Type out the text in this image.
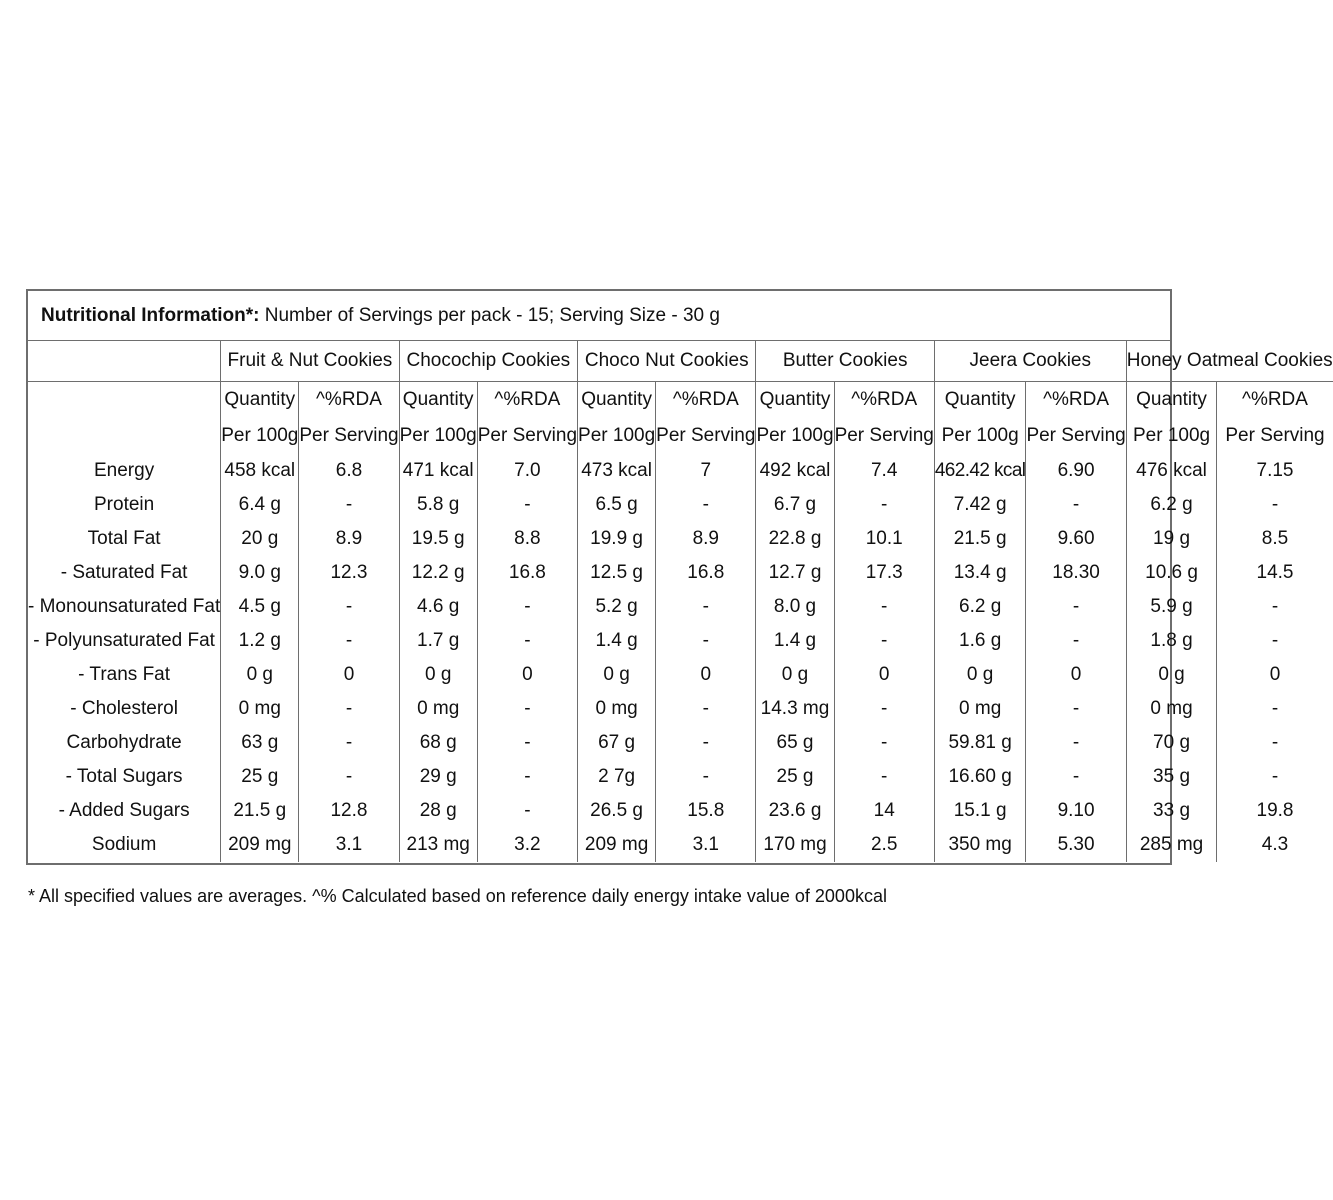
Nutritional Information*: Number of Servings per pack - 15; Serving Size - 30 g
	Fruit & Nut Cookies		Chocochip Cookies		Choco Nut Cookies		Butter Cookies		Jeera Cookies		Honey Oatmeal Cookies	
	Quantity	^%RDA	Quantity	^%RDA	Quantity	^%RDA	Quantity	^%RDA	Quantity	^%RDA	Quantity	^%RDA
	Per 100g	Per Serving	Per 100g	Per Serving	Per 100g	Per Serving	Per 100g	Per Serving	Per 100g	Per Serving	Per 100g	Per Serving
Energy	458 kcal	6.8	471 kcal	7.0	473 kcal	7	492 kcal	7.4	462.42 kcal	6.90	476 kcal	7.15
Protein	6.4 g	-	5.8 g	-	6.5 g	-	6.7 g	-	7.42 g	-	6.2 g	-
Total Fat	20 g	8.9	19.5 g	8.8	19.9 g	8.9	22.8 g	10.1	21.5 g	9.60	19 g	8.5
- Saturated Fat	9.0 g	12.3	12.2 g	16.8	12.5 g	16.8	12.7 g	17.3	13.4 g	18.30	10.6 g	14.5
- Monounsaturated Fat	4.5 g	-	4.6 g	-	5.2 g	-	8.0 g	-	6.2 g	-	5.9 g	-
- Polyunsaturated Fat	1.2 g	-	1.7 g	-	1.4 g	-	1.4 g	-	1.6 g	-	1.8 g	-
- Trans Fat	0 g	0	0 g	0	0 g	0	0 g	0	0 g	0	0 g	0
- Cholesterol	0 mg	-	0 mg	-	0 mg	-	14.3 mg	-	0 mg	-	0 mg	-
Carbohydrate	63 g	-	68 g	-	67 g	-	65 g	-	59.81 g	-	70 g	-
- Total Sugars	25 g	-	29 g	-	2 7g	-	25 g	-	16.60 g	-	35 g	-
- Added Sugars	21.5 g	12.8	28 g	-	26.5 g	15.8	23.6 g	14	15.1 g	9.10	33 g	19.8
Sodium	209 mg	3.1	213 mg	3.2	209 mg	3.1	170 mg	2.5	350 mg	5.30	285 mg	4.3
* All specified values are averages. ^% Calculated based on reference daily energy intake value of 2000kcal
